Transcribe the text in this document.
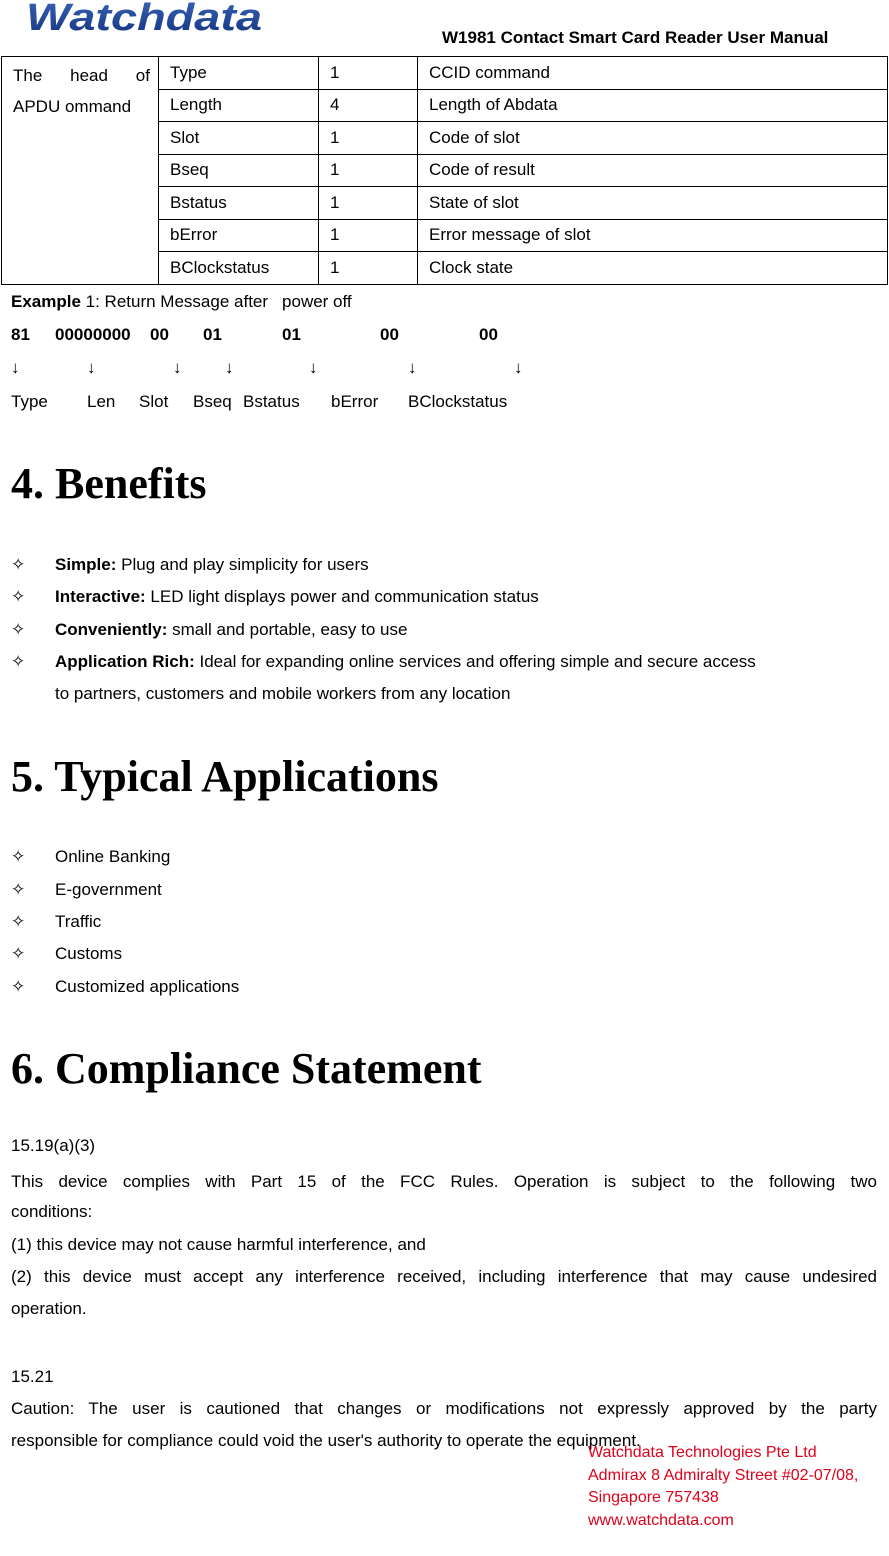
Watchdata	W1981 Contact Smart Card Reader User Manual
The head of APDU ommand	Type	1	CCID command
	Length	4	Length of Abdata
	Slot	1	Code of slot
	Bseq	1	Code of result
	Bstatus	1	State of slot
	bError	1	Error message of slot
	BClockstatus	1	Clock state
Example 1: Return Message after power off
81 00000000 00 01	01	00	00
↓	↓	↓	↓	↓	↓	↓
Type Len Slot Bseq Bstatus bError BClockstatus
4. Benefits
✧ Simple: Plug and play simplicity for users
✧ Interactive: LED light displays power and communication status
✧ Conveniently: small and portable, easy to use
✧ Application Rich: Ideal for expanding online services and offering simple and secure access
to partners, customers and mobile workers from any location
5. Typical Applications
✧ Online Banking
✧ E-government
✧ Traffic
✧ Customs
✧ Customized applications
6. Compliance Statement
15.19(a)(3)
This device complies with Part 15 of the FCC Rules. Operation is subject to the following two
conditions:
(1) this device may not cause harmful interference, and
(2) this device must accept any interference received, including interference that may cause undesired
operation.
15.21
Caution: The user is cautioned that changes or modifications not expressly approved by the party
responsible for compliance could void the user's authority to operate the equipment.
Watchdata Technologies Pte Ltd
Admirax 8 Admiralty Street #02-07/08,
Singapore 757438
www.watchdata.com
